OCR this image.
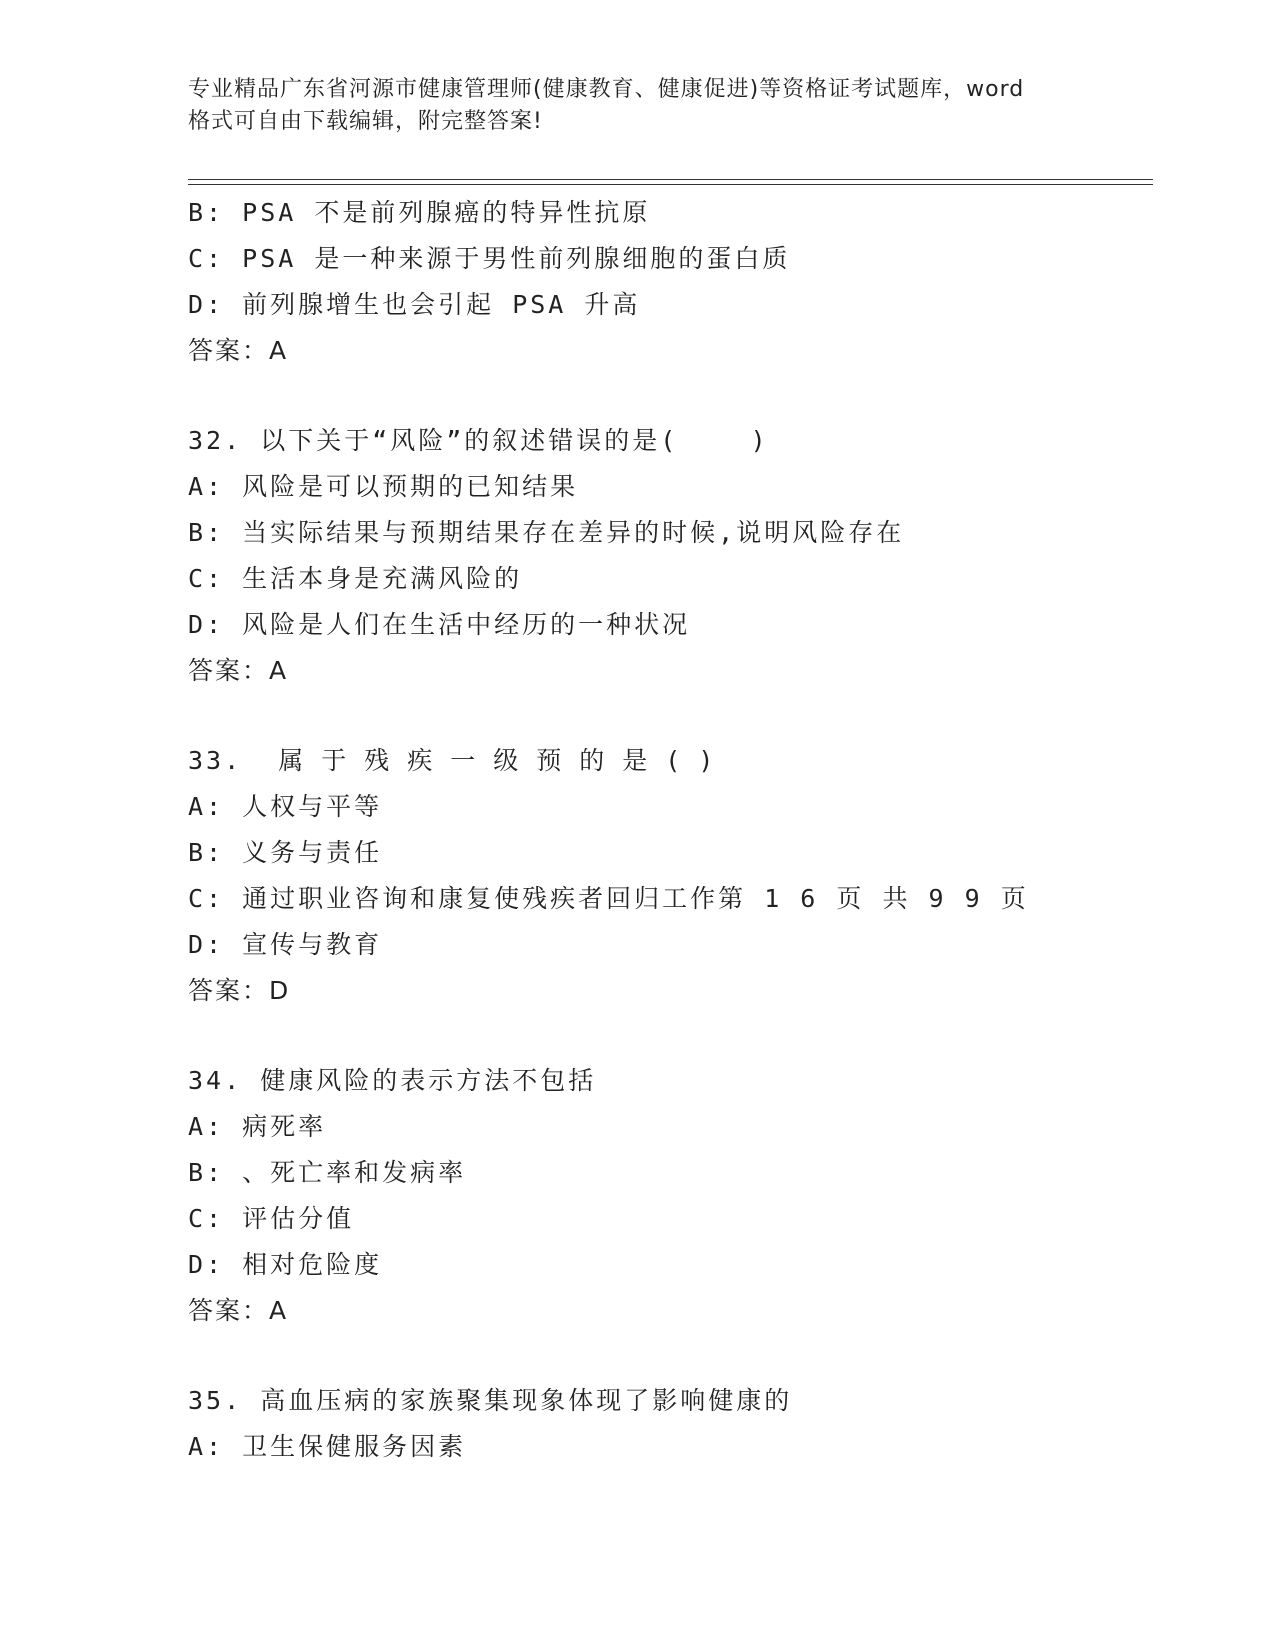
专业精品广东省河源市健康管理师(健康教育、健康促进)等资格证考试题库，word
格式可自由下载编辑，附完整答案!
B: PSA 不是前列腺癌的特异性抗原
C: PSA 是一种来源于男性前列腺细胞的蛋白质
D: 前列腺增生也会引起 PSA 升高
答案：A
32. 以下关于“风险”的叙述错误的是(    )
A: 风险是可以预期的已知结果
B: 当实际结果与预期结果存在差异的时候,说明风险存在
C: 生活本身是充满风险的
D: 风险是人们在生活中经历的一种状况
答案：A
33. 属于残疾一级预的是()
A: 人权与平等
B: 义务与责任
C: 通过职业咨询和康复使残疾者回归工作第 1 6 页 共 9 9 页
D: 宣传与教育
答案：D
34. 健康风险的表示方法不包括
A: 病死率
B: 、死亡率和发病率
C: 评估分值
D: 相对危险度
答案：A
35. 高血压病的家族聚集现象体现了影响健康的
A: 卫生保健服务因素
